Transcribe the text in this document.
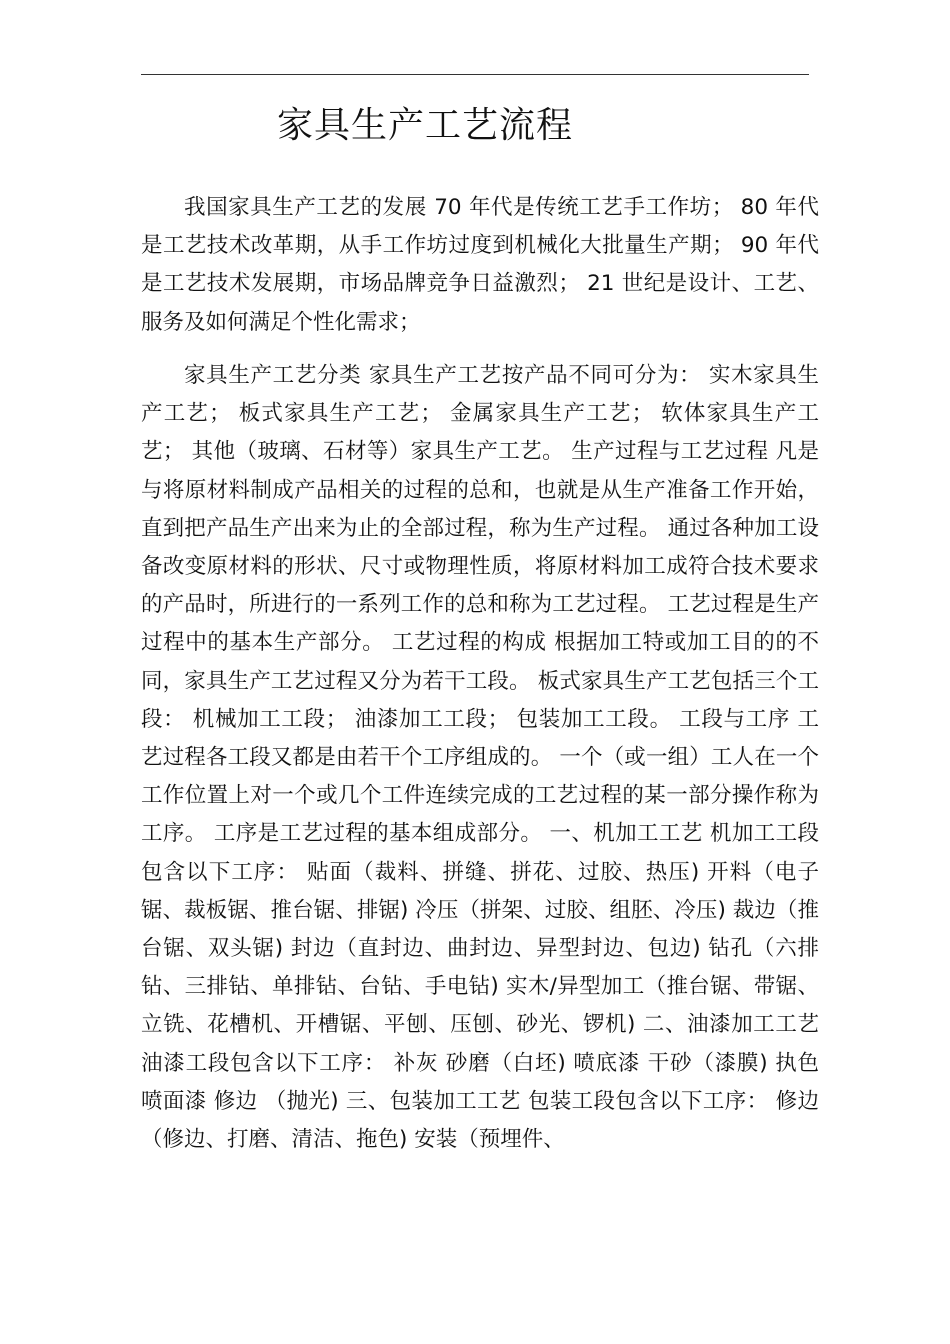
家具生产工艺流程

我国家具生产工艺的发展 70 年代是传统工艺手工作坊； 80 年代是工艺技术改革期，从手工作坊过度到机械化大批量生产期； 90 年代是工艺技术发展期，市场品牌竞争日益激烈； 21 世纪是设计、工艺、服务及如何满足个性化需求；

家具生产工艺分类 家具生产工艺按产品不同可分为： 实木家具生产工艺； 板式家具生产工艺； 金属家具生产工艺； 软体家具生产工艺； 其他（玻璃、石材等）家具生产工艺。 生产过程与工艺过程 凡是与将原材料制成产品相关的过程的总和，也就是从生产准备工作开始，直到把产品生产出来为止的全部过程，称为生产过程。 通过各种加工设备改变原材料的形状、尺寸或物理性质，将原材料加工成符合技术要求的产品时，所进行的一系列工作的总和称为工艺过程。 工艺过程是生产过程中的基本生产部分。 工艺过程的构成 根据加工特或加工目的的不同，家具生产工艺过程又分为若干工段。 板式家具生产工艺包括三个工段： 机械加工工段； 油漆加工工段； 包装加工工段。 工段与工序 工艺过程各工段又都是由若干个工序组成的。 一个（或一组）工人在一个工作位置上对一个或几个工件连续完成的工艺过程的某一部分操作称为工序。 工序是工艺过程的基本组成部分。 一、机加工工艺 机加工工段包含以下工序： 贴面（裁料、拼缝、拼花、过胶、热压) 开料（电子锯、裁板锯、推台锯、排锯) 冷压（拼架、过胶、组胚、冷压) 裁边（推台锯、双头锯) 封边（直封边、曲封边、异型封边、包边) 钻孔（六排钻、三排钻、单排钻、台钻、手电钻) 实木/异型加工（推台锯、带锯、立铣、花槽机、开槽锯、平刨、压刨、砂光、锣机) 二、油漆加工工艺 油漆工段包含以下工序： 补灰 砂磨（白坯) 喷底漆 干砂（漆膜) 执色 喷面漆 修边 （抛光) 三、包装加工工艺 包装工段包含以下工序： 修边（修边、打磨、清洁、拖色) 安装（预埋件、
